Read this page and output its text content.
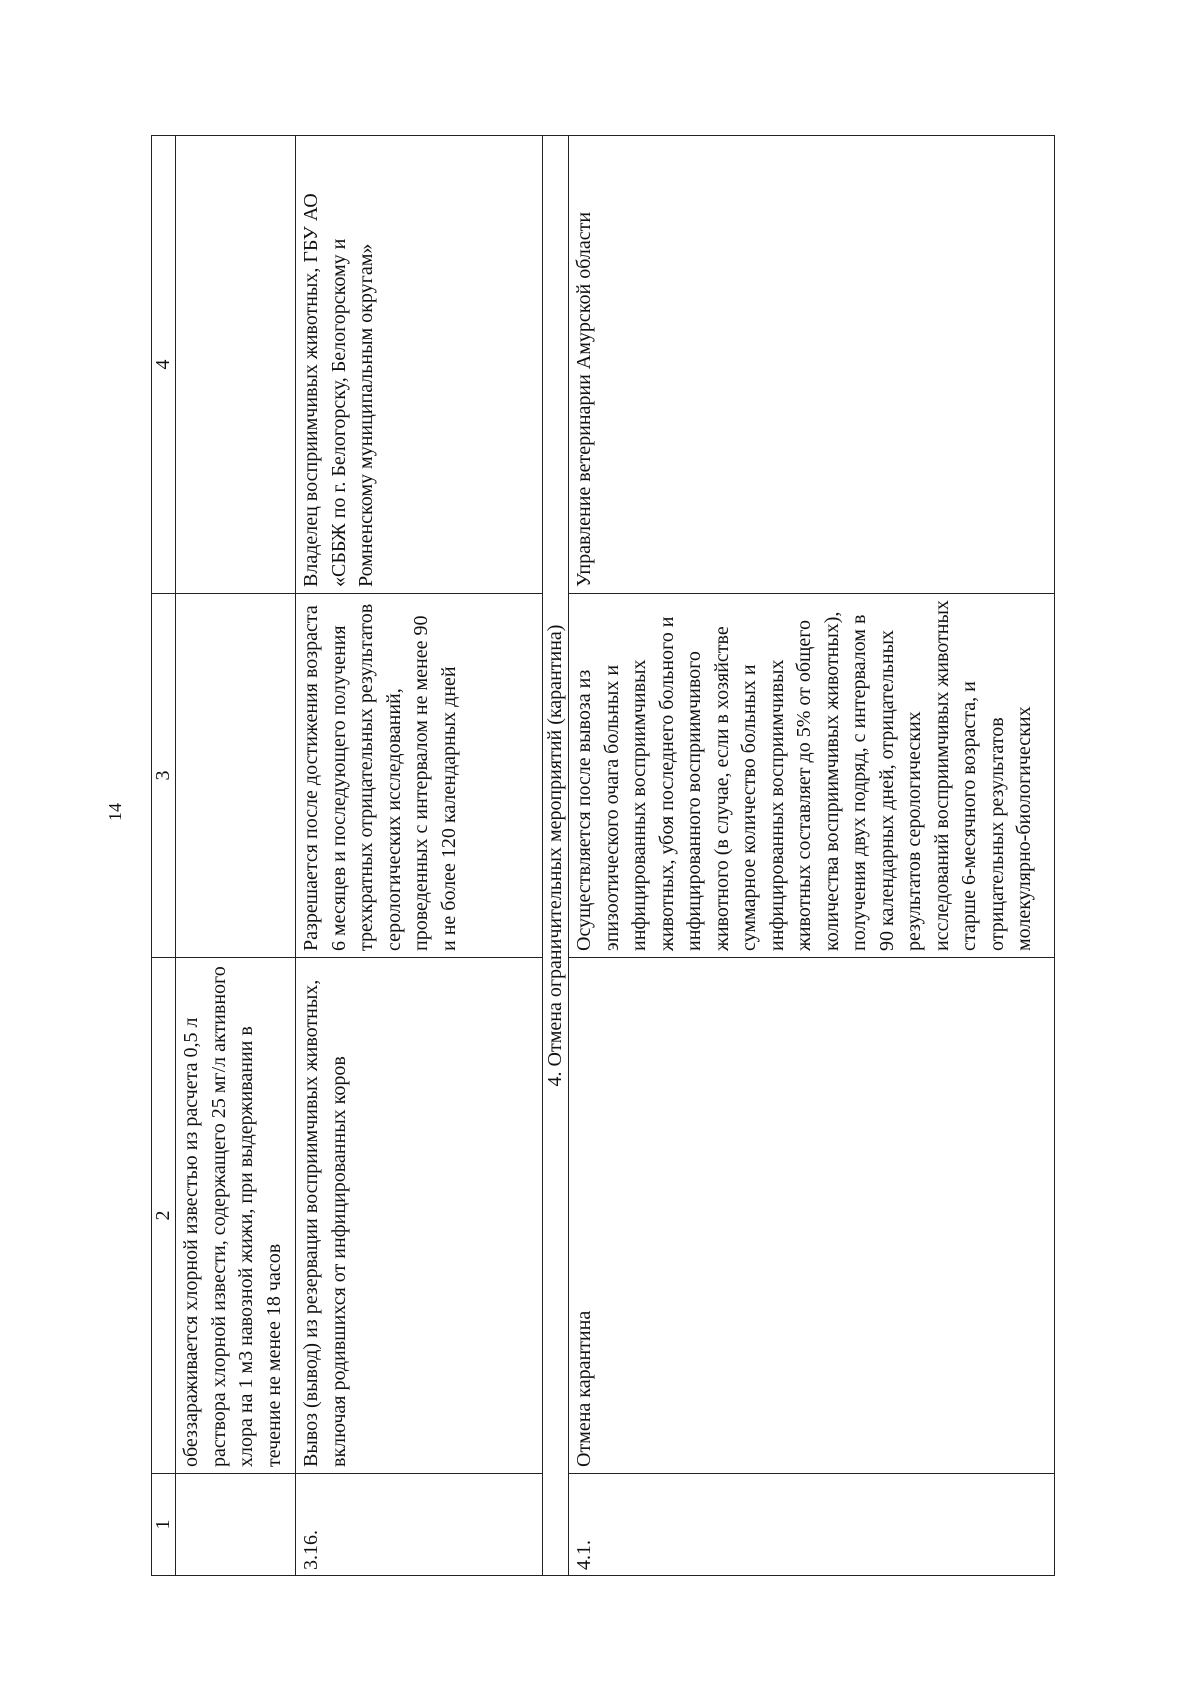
14
1	2	3	4
	обеззараживается хлорной известью из расчета 0,5 л раствора хлорной извести, содержащего 25 мг/л активного хлора на 1 м3 навозной жижи, при выдерживании в течение не менее 18 часов		
3.16.	Вывоз (вывод) из резервации восприимчивых животных, включая родившихся от инфицированных коров	Разрешается после достижения возраста 6 месяцев и последующего получения трехкратных отрицательных результатов серологических исследований, проведенных с интервалом не менее 90 и не более 120 календарных дней	Владелец восприимчивых животных, ГБУ АО «СББЖ по г. Белогорску, Белогорскому и Ромненскому муниципальным округам»
4. Отмена ограничительных мероприятий (карантина)			
4.1.	Отмена карантина	Осуществляется после вывоза из эпизоотического очага больных и инфицированных восприимчивых животных, убоя последнего больного и инфицированного восприимчивого животного (в случае, если в хозяйстве суммарное количество больных и инфицированных восприимчивых животных составляет до 5% от общего количества восприимчивых животных), получения двух подряд, с интервалом в 90 календарных дней, отрицательных результатов серологических исследований восприимчивых животных старше 6-месячного возраста, и отрицательных результатов молекулярно-биологических	Управление ветеринарии Амурской области
